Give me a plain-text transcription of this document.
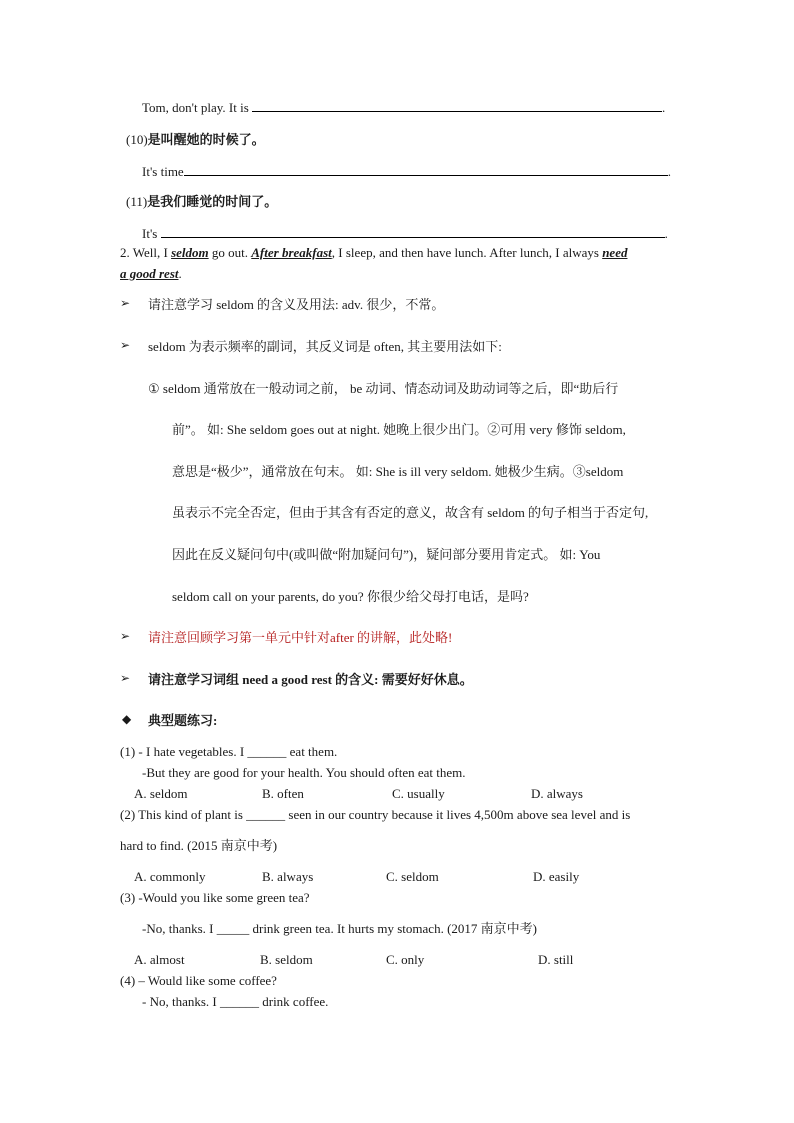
Tom, don't play. It is	.
(10)是叫醒她的时候了。
It's time	.
(11)是我们睡觉的时间了。
It's	.
2. Well, I seldom go out. After breakfast, I sleep, and then have lunch. After lunch, I always need
a good rest.
➢ 请注意学习 seldom 的含义及用法: adv. 很少，不常。
➢ seldom 为表示频率的副词，其反义词是 often, 其主要用法如下:
① seldom 通常放在一般动词之前， be 动词、情态动词及助动词等之后，即“助后行
前”。 如: She seldom goes out at night. 她晚上很少出门。②可用 very 修饰 seldom,
意思是“极少”，通常放在句末。 如: She is ill very seldom. 她极少生病。③seldom
虽表示不完全否定，但由于其含有否定的意义，故含有 seldom 的句子相当于否定句,
因此在反义疑问句中(或叫做“附加疑问句”)，疑问部分要用肯定式。 如: You
seldom call on your parents, do you? 你很少给父母打电话，是吗?
➢ 请注意回顾学习第一单元中针对after 的讲解，此处略!
➢ 请注意学习词组 need a good rest 的含义: 需要好好休息。
◆ 典型题练习:
(1) - I hate vegetables. I ______ eat them.
-But they are good for your health. You should often eat them.
A. seldom	B. often	C. usually	D. always
(2) This kind of plant is ______ seen in our country because it lives 4,500m above sea level and is
hard to find. (2015 南京中考)
A. commonly	B. always	C. seldom	D. easily
(3) -Would you like some green tea?
-No, thanks. I _____ drink green tea. It hurts my stomach. (2017 南京中考)
A. almost	B. seldom	C. only	D. still
(4) – Would like some coffee?
- No, thanks. I ______ drink coffee.
